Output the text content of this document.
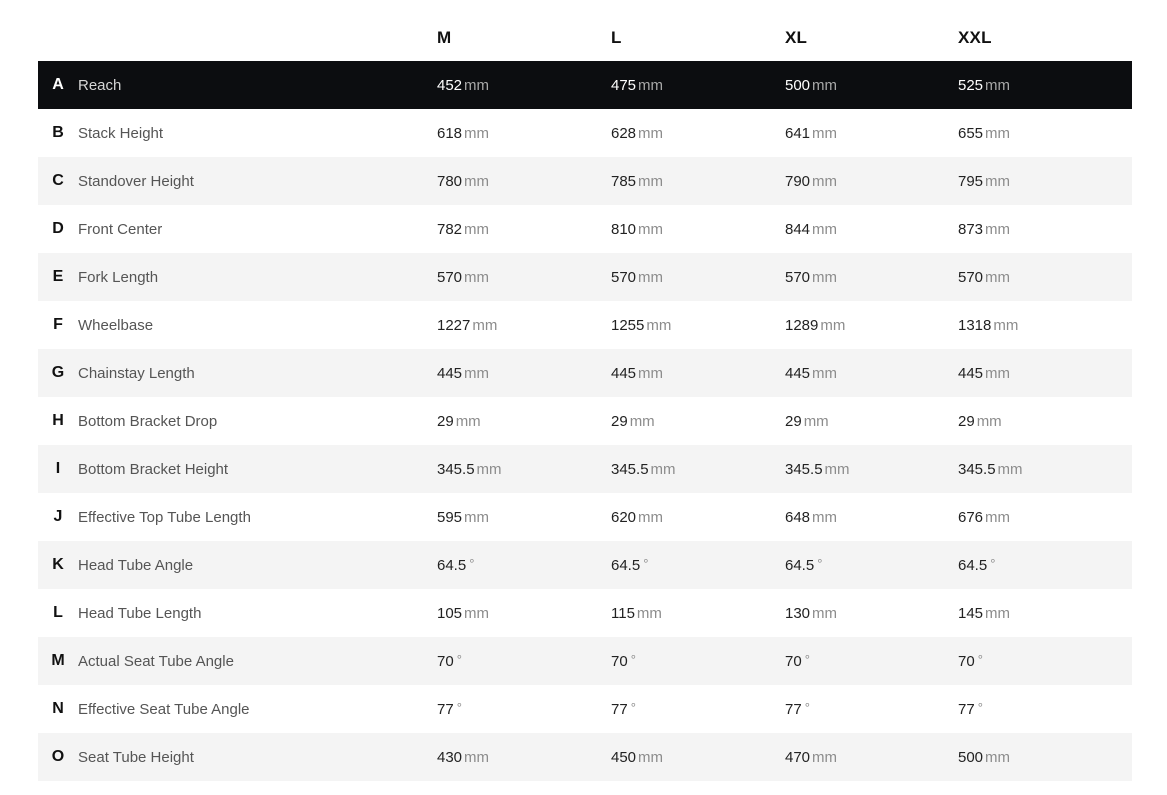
M	L	XL	XXL
A Reach	452 mm	475 mm	500 mm	525 mm
B Stack Height	618 mm	628 mm	641 mm	655 mm
C Standover Height	780 mm	785 mm	790 mm	795 mm
D Front Center	782 mm	810 mm	844 mm	873 mm
E Fork Length	570 mm	570 mm	570 mm	570 mm
F Wheelbase	1227 mm	1255 mm	1289 mm	1318 mm
G Chainstay Length	445 mm	445 mm	445 mm	445 mm
H Bottom Bracket Drop	29 mm	29 mm	29 mm	29 mm
I	Bottom Bracket Height	345.5 mm	345.5 mm	345.5 mm	345.5 mm
J Effective Top Tube Length	595 mm	620 mm	648 mm	676 mm
K Head Tube Angle	64.5 °	64.5 °	64.5 °	64.5 °
L Head Tube Length	105 mm	115 mm	130 mm	145 mm
M Actual Seat Tube Angle	70 °	70 °	70 °	70 °
N Effective Seat Tube Angle	77 °	77 °	77 °	77 °
O Seat Tube Height	430 mm	450 mm	470 mm	500 mm
